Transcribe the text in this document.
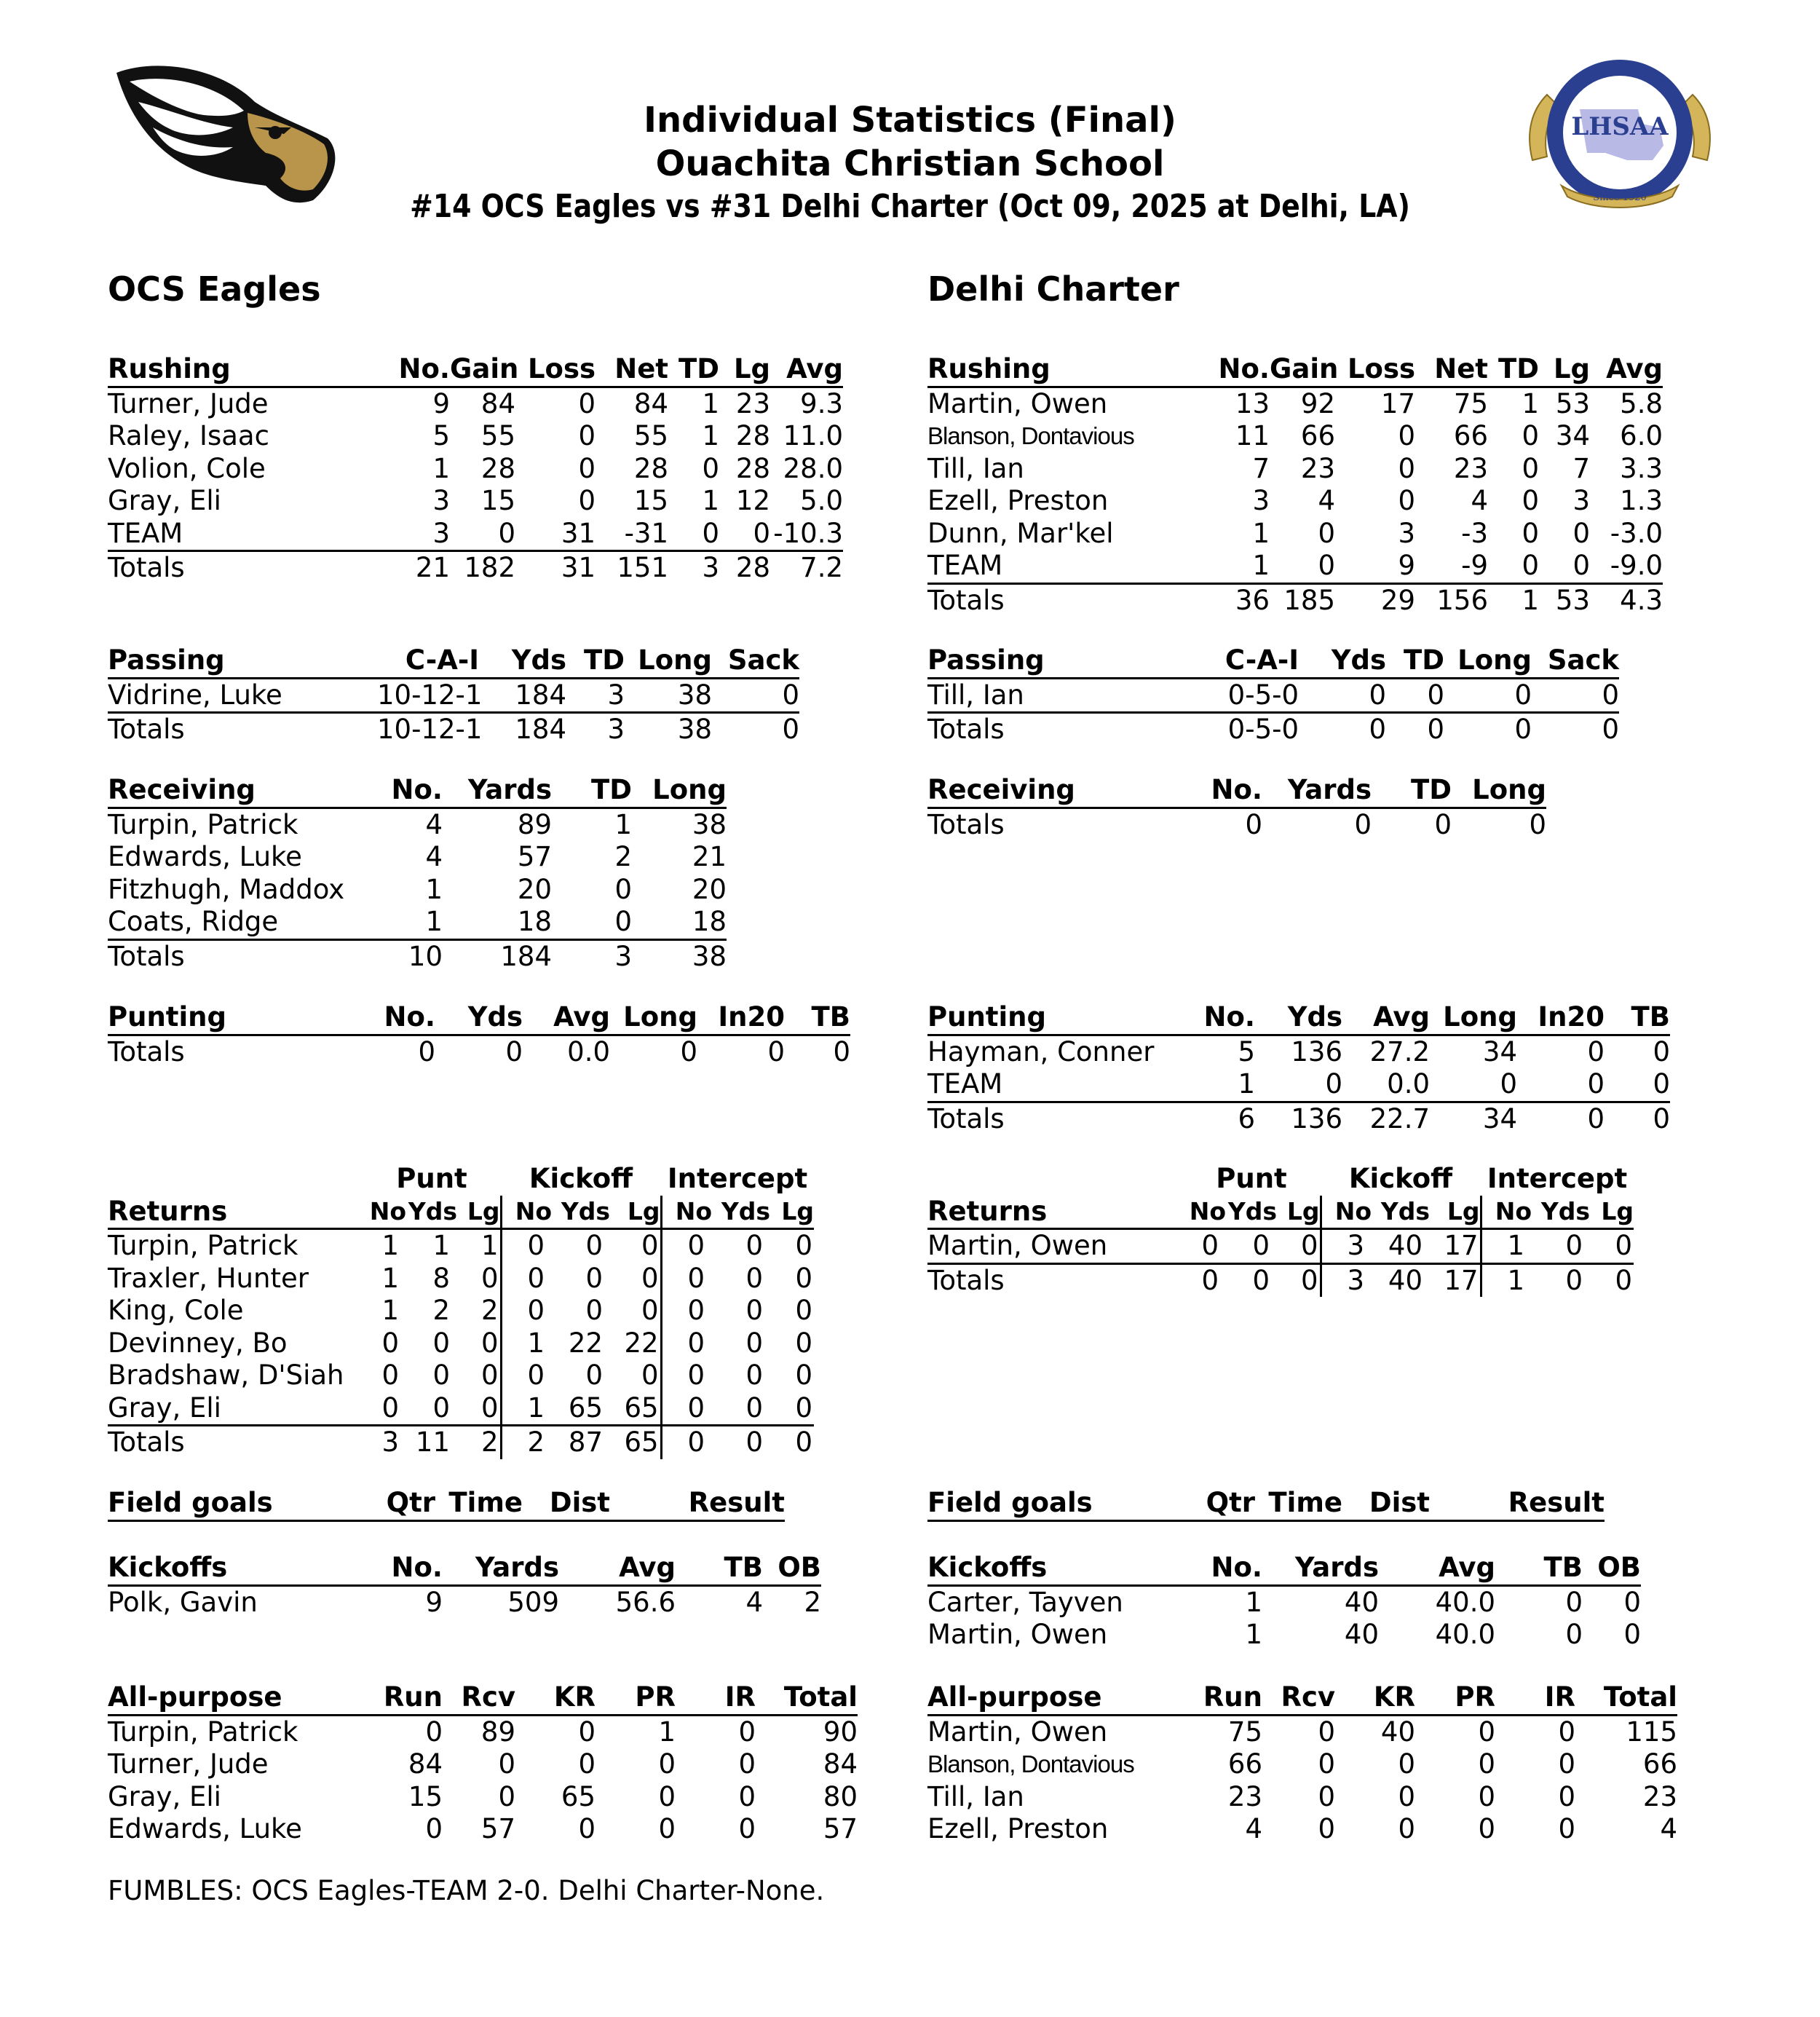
LHSAA
Since 1920
Individual Statistics (Final)
Ouachita Christian School
#14 OCS Eagles vs #31 Delhi Charter (Oct 09, 2025 at Delhi, LA)
OCS Eagles	Delhi Charter
Rushing	No.	Gain	Loss	Net	TD	Lg	Avg
Turner, Jude	9	84	0	84	1	23	9.3
Raley, Isaac	5	55	0	55	1	28	11.0
Volion, Cole	1	28	0	28	0	28	28.0
Gray, Eli	3	15	0	15	1	12	5.0
TEAM	3	0	31	-31	0	0	-10.3
Totals	21	182	31	151	3	28	7.2
Passing	C-A-I	Yds	TD	Long	Sack
Vidrine, Luke	10-12-1	184	3	38	0
Totals	10-12-1	184	3	38	0
Receiving	No.	Yards	TD	Long
Turpin, Patrick	4	89	1	38
Edwards, Luke	4	57	2	21
Fitzhugh, Maddox	1	20	0	20
Coats, Ridge	1	18	0	18
Totals	10	184	3	38
Punting	No.	Yds	Avg	Long	In20	TB
Totals	0	0	0.0	0	0	0
	Punt			Kickoff			Intercept		
Returns	No	Yds	Lg	No	Yds	Lg	No	Yds	Lg
Turpin, Patrick	1	1	1	0	0	0	0	0	0
Traxler, Hunter	1	8	0	0	0	0	0	0	0
King, Cole	1	2	2	0	0	0	0	0	0
Devinney, Bo	0	0	0	1	22	22	0	0	0
Bradshaw, D'Siah	0	0	0	0	0	0	0	0	0
Gray, Eli	0	0	0	1	65	65	0	0	0
Totals	3	11	2	2	87	65	0	0	0
Field goals	Qtr	Time	Dist	Result
Kickoffs	No.	Yards	Avg	TB	OB
Polk, Gavin	9	509	56.6	4	2
All-purpose	Run	Rcv	KR	PR	IR	Total
Turpin, Patrick	0	89	0	1	0	90
Turner, Jude	84	0	0	0	0	84
Gray, Eli	15	0	65	0	0	80
Edwards, Luke	0	57	0	0	0	57
Rushing	No.	Gain	Loss	Net	TD	Lg	Avg
Martin, Owen	13	92	17	75	1	53	5.8
Blanson, Dontavious	11	66	0	66	0	34	6.0
Till, Ian	7	23	0	23	0	7	3.3
Ezell, Preston	3	4	0	4	0	3	1.3
Dunn, Mar'kel	1	0	3	-3	0	0	-3.0
TEAM	1	0	9	-9	0	0	-9.0
Totals	36	185	29	156	1	53	4.3
Passing	C-A-I	Yds	TD	Long	Sack
Till, Ian	0-5-0	0	0	0	0
Totals	0-5-0	0	0	0	0
Receiving	No.	Yards	TD	Long
Totals	0	0	0	0
Punting	No.	Yds	Avg	Long	In20	TB
Hayman, Conner	5	136	27.2	34	0	0
TEAM	1	0	0.0	0	0	0
Totals	6	136	22.7	34	0	0
	Punt			Kickoff			Intercept		
Returns	No	Yds	Lg	No	Yds	Lg	No	Yds	Lg
Martin, Owen	0	0	0	3	40	17	1	0	0
Totals	0	0	0	3	40	17	1	0	0
Field goals	Qtr	Time	Dist	Result
Kickoffs	No.	Yards	Avg	TB	OB
Carter, Tayven	1	40	40.0	0	0
Martin, Owen	1	40	40.0	0	0
All-purpose	Run	Rcv	KR	PR	IR	Total
Martin, Owen	75	0	40	0	0	115
Blanson, Dontavious	66	0	0	0	0	66
Till, Ian	23	0	0	0	0	23
Ezell, Preston	4	0	0	0	0	4
FUMBLES: OCS Eagles-TEAM 2-0. Delhi Charter-None.
